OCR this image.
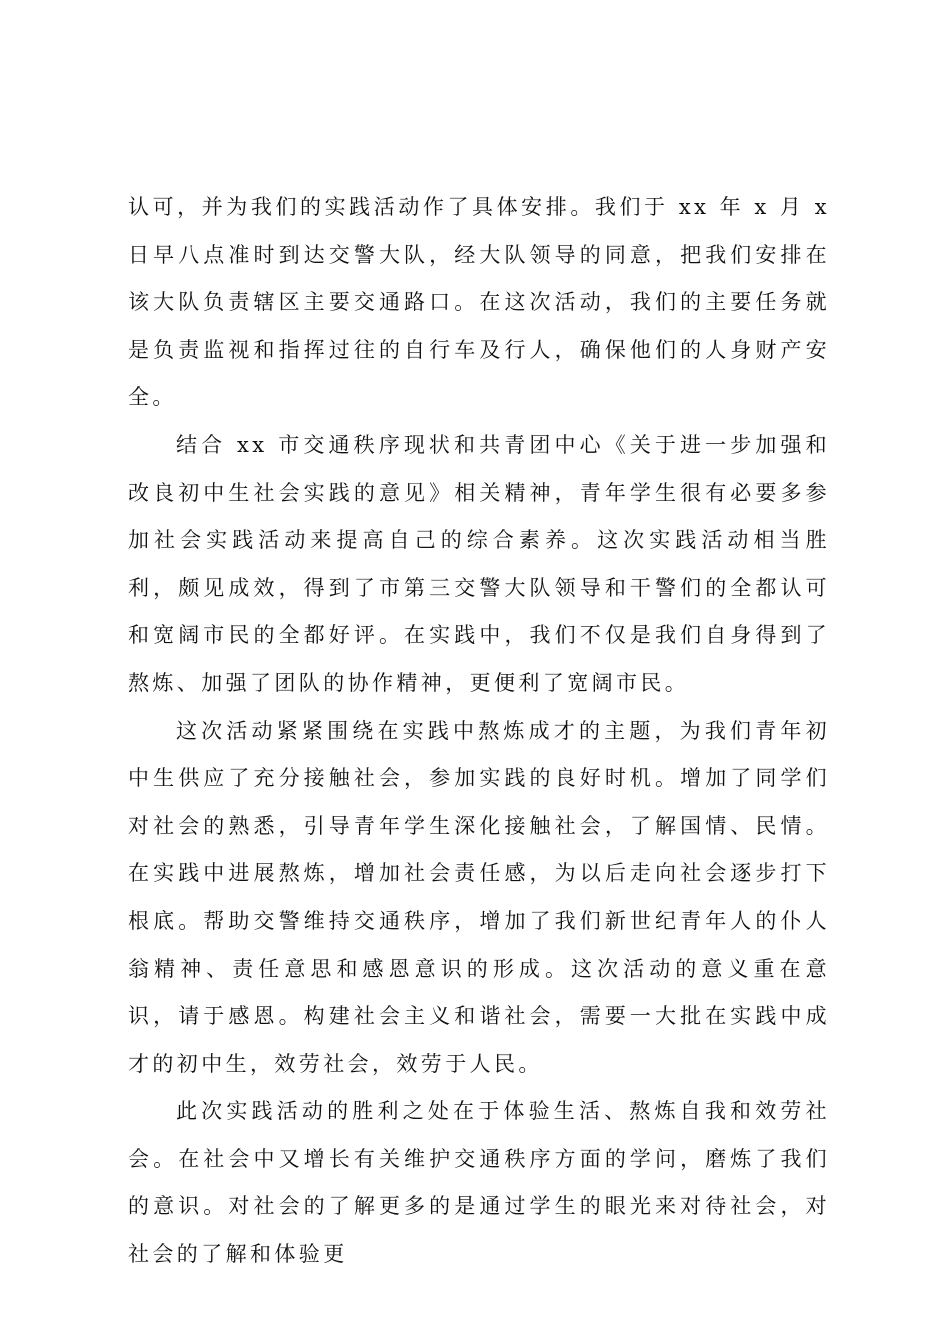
认可，并为我们的实践活动作了具体安排。我们于 xx 年 x 月 x 日早八点准时到达交警大队，经大队领导的同意，把我们安排在该大队负责辖区主要交通路口。在这次活动，我们的主要任务就是负责监视和指挥过往的自行车及行人，确保他们的人身财产安全。

结合 xx 市交通秩序现状和共青团中心《关于进一步加强和改良初中生社会实践的意见》相关精神，青年学生很有必要多参加社会实践活动来提高自己的综合素养。这次实践活动相当胜利，颇见成效，得到了市第三交警大队领导和干警们的全都认可和宽阔市民的全都好评。在实践中，我们不仅是我们自身得到了熬炼、加强了团队的协作精神，更便利了宽阔市民。

这次活动紧紧围绕在实践中熬炼成才的主题，为我们青年初中生供应了充分接触社会，参加实践的良好时机。增加了同学们对社会的熟悉，引导青年学生深化接触社会，了解国情、民情。在实践中进展熬炼，增加社会责任感，为以后走向社会逐步打下根底。帮助交警维持交通秩序，增加了我们新世纪青年人的仆人翁精神、责任意思和感恩意识的形成。这次活动的意义重在意识，请于感恩。构建社会主义和谐社会，需要一大批在实践中成才的初中生，效劳社会，效劳于人民。

此次实践活动的胜利之处在于体验生活、熬炼自我和效劳社会。在社会中又增长有关维护交通秩序方面的学问，磨炼了我们的意识。对社会的了解更多的是通过学生的眼光来对待社会，对社会的了解和体验更
